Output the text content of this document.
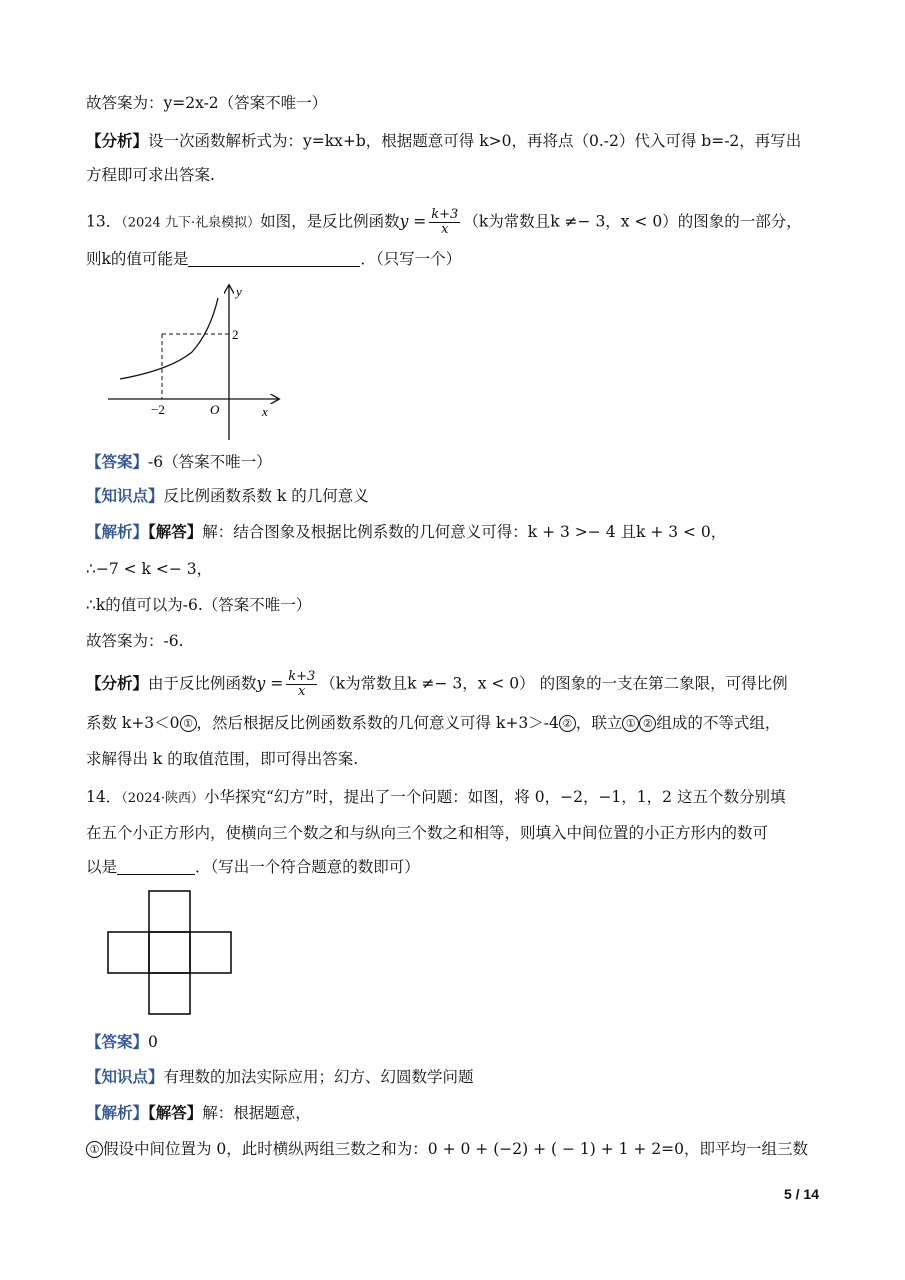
故答案为：y=2x-2（答案不唯一）
【分析】设一次函数解析式为：y=kx+b，根据题意可得 k>0，再将点（0.-2）代入可得 b=-2，再写出
方程即可求出答案.
13．（2024 九下·礼泉模拟）如图，是反比例函数$y = \frac{k+3}{x} (k$为常数且k ≠− 3，x < 0）的图象的一部分，
则k的值可能是	．（只写一个）
y
x
O
2
−2
【答案】-6（答案不唯一）
【知识点】反比例函数系数 k 的几何意义
【解析】【解答】解：结合图象及根据比例系数的几何意义可得：k + 3 >− 4 且k + 3 < 0，
∴−7 < k <− 3，
∴k的值可以为-6.（答案不唯一）
故答案为：-6.
【分析】由于反比例函数$y = \frac{k+3}{x} (k$为常数且k ≠− 3，x < 0） 的图象的一支在第二象限，可得比例
系数 k+3＜0 ① ，然后根据反比例函数系数的几何意义可得 k+3＞-4 ② ，联立 ① ② 组成的不等式组，
求解得出 k 的取值范围，即可得出答案.
14．（2024·陕西）小华探究“幻方”时，提出了一个问题：如图，将 0，−2，−1，1，2 这五个数分别填
在五个小正方形内，使横向三个数之和与纵向三个数之和相等，则填入中间位置的小正方形内的数可
以是	．（写出一个符合题意的数即可）
【答案】0
【知识点】有理数的加法实际应用；幻方、幻圆数学问题
【解析】【解答】解：根据题意，
① 假设中间位置为 0，此时横纵两组三数之和为：0 + 0 + (−2) + ( − 1) + 1 + 2=0，即平均一组三数
5 / 14
